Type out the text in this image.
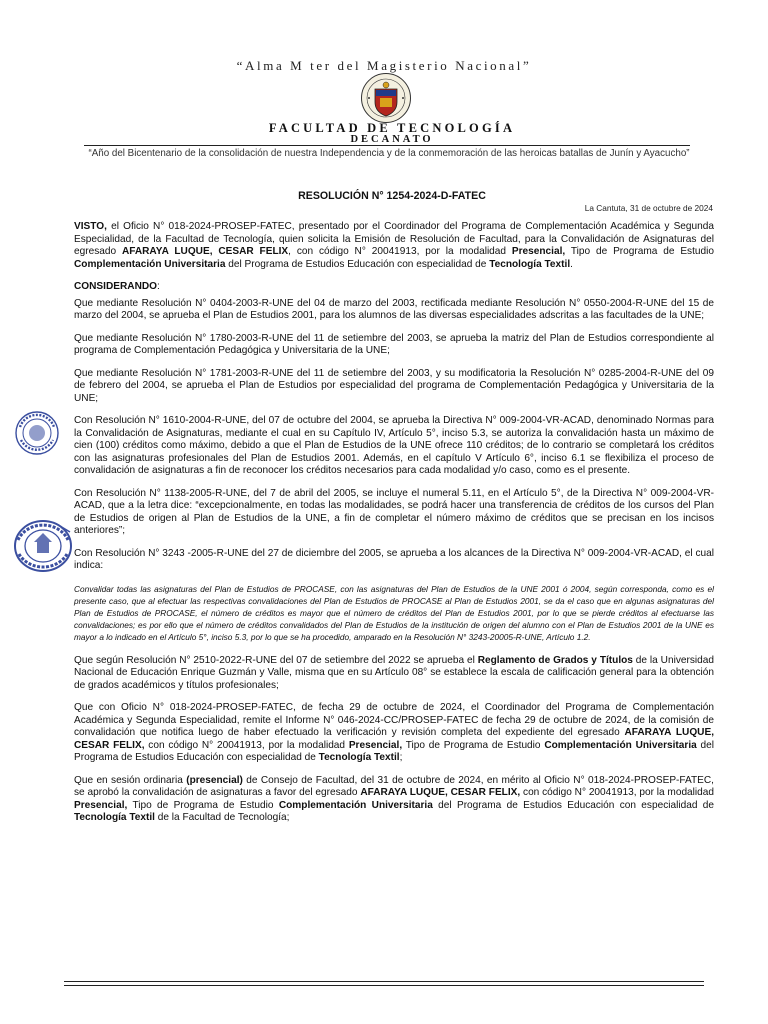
“Alma M ter del Magisterio Nacional”
FACULTAD DE TECNOLOGÍA
DECANATO
“Año del Bicentenario de la consolidación de nuestra Independencia y de la conmemoración de las heroicas batallas de Junín y Ayacucho”
RESOLUCIÓN N° 1254-2024-D-FATEC
La Cantuta, 31 de octubre de 2024

VISTO, el Oficio N° 018-2024-PROSEP-FATEC, presentado por el Coordinador del Programa de Complementación Académica y Segunda Especialidad, de la Facultad de Tecnología, quien solicita la Emisión de Resolución de Facultad, para la Convalidación de Asignaturas del egresado AFARAYA LUQUE, CESAR FELIX, con código N° 20041913, por la modalidad Presencial, Tipo de Programa de Estudio Complementación Universitaria del Programa de Estudios Educación con especialidad de Tecnología Textil.

CONSIDERANDO:

Que mediante Resolución N° 0404-2003-R-UNE del 04 de marzo del 2003, rectificada mediante Resolución N° 0550-2004-R-UNE del 15 de marzo del 2004, se aprueba el Plan de Estudios 2001, para los alumnos de las diversas especialidades adscritas a las facultades de la UNE;

Que mediante Resolución N° 1780-2003-R-UNE del 11 de setiembre del 2003, se aprueba la matriz del Plan de Estudios correspondiente al programa de Complementación Pedagógica y Universitaria de la UNE;

Que mediante Resolución N° 1781-2003-R-UNE del 11 de setiembre del 2003, y su modificatoria la Resolución N° 0285-2004-R-UNE del 09 de febrero del 2004, se aprueba el Plan de Estudios por especialidad del programa de Complementación Pedagógica y Universitaria de la UNE;

Con Resolución N° 1610-2004-R-UNE, del 07 de octubre del 2004, se aprueba la Directiva N° 009-2004-VR-ACAD, denominado Normas para la Convalidación de Asignaturas, mediante el cual en su Capítulo IV, Artículo 5°, inciso 5.3, se autoriza la convalidación hasta un máximo de cien (100) créditos como máximo, debido a que el Plan de Estudios de la UNE ofrece 110 créditos; de lo contrario se completará los créditos con las asignaturas profesionales del Plan de Estudios 2001. Además, en el capítulo V Artículo 6°, inciso 6.1 se flexibiliza el proceso de convalidación de asignaturas a fin de reconocer los créditos necesarios para cada modalidad y/o caso, como es el presente.

Con Resolución N° 1138-2005-R-UNE, del 7 de abril del 2005, se incluye el numeral 5.11, en el Artículo 5°, de la Directiva N° 009-2004-VR-ACAD, que a la letra dice: “excepcionalmente, en todas las modalidades, se podrá hacer una transferencia de créditos de los cursos del Plan de Estudios de origen al Plan de Estudios de la UNE, a fin de completar el número máximo de créditos que se precisan en los incisos anteriores”;

Con Resolución N° 3243 -2005-R-UNE del 27 de diciembre del 2005, se aprueba a los alcances de la Directiva N° 009-2004-VR-ACAD, el cual indica:

Convalidar todas las asignaturas del Plan de Estudios de PROCASE, con las asignaturas del Plan de Estudios de la UNE 2001 ó 2004, según corresponda, como es el presente caso, que al efectuar las respectivas convalidaciones del Plan de Estudios de PROCASE al Plan de Estudios 2001, se da el caso que en algunas asignaturas del Plan de Estudios de PROCASE, el número de créditos es mayor que el número de créditos del Plan de Estudios 2001, por lo que se pierde créditos al efectuarse las convalidaciones; es por ello que el número de créditos convalidados del Plan de Estudios de la institución de origen del alumno con el Plan de Estudios 2001 de la UNE es mayor a lo indicado en el Artículo 5°, inciso 5.3, por lo que se ha procedido, amparado en la Resolución N° 3243-20005-R-UNE, Artículo 1.2.

Que según Resolución N° 2510-2022-R-UNE del 07 de setiembre del 2022 se aprueba el Reglamento de Grados y Títulos de la Universidad Nacional de Educación Enrique Guzmán y Valle, misma que en su Artículo 08° se establece la escala de calificación general para la obtención de grados académicos y títulos profesionales;

Que con Oficio N° 018-2024-PROSEP-FATEC, de fecha 29 de octubre de 2024, el Coordinador del Programa de Complementación Académica y Segunda Especialidad, remite el Informe N° 046-2024-CC/PROSEP-FATEC de fecha 29 de octubre de 2024, de la comisión de convalidación que notifica luego de haber efectuado la verificación y revisión completa del expediente del egresado AFARAYA LUQUE, CESAR FELIX, con código N° 20041913, por la modalidad Presencial, Tipo de Programa de Estudio Complementación Universitaria del Programa de Estudios Educación con especialidad de Tecnología Textil;

Que en sesión ordinaria (presencial) de Consejo de Facultad, del 31 de octubre de 2024, en mérito al Oficio N° 018-2024-PROSEP-FATEC, se aprobó la convalidación de asignaturas a favor del egresado AFARAYA LUQUE, CESAR FELIX, con código N° 20041913, por la modalidad Presencial, Tipo de Programa de Estudio Complementación Universitaria del Programa de Estudios Educación con especialidad de Tecnología Textil de la Facultad de Tecnología;
